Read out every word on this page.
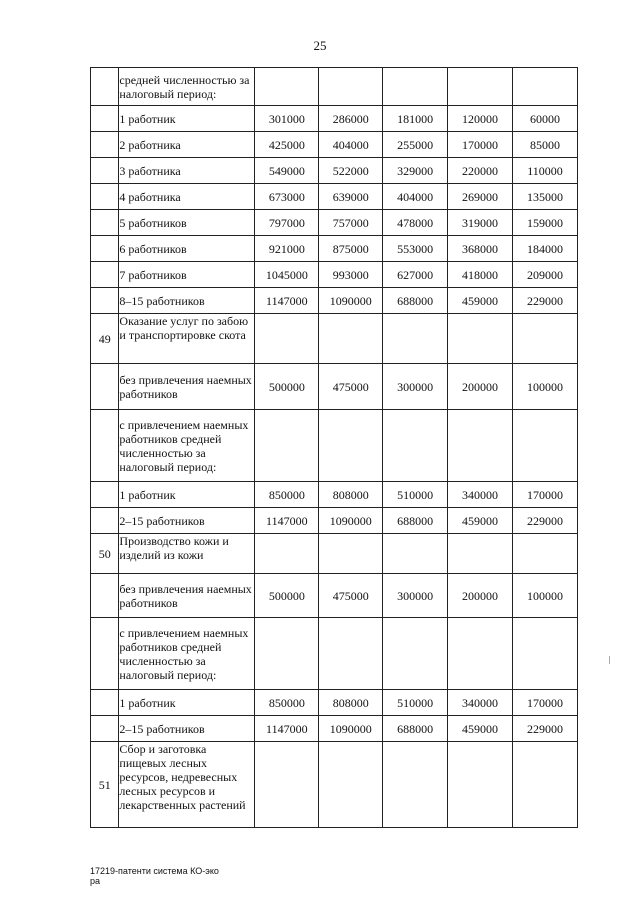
25
	средней численностью за налоговый период:					
	1 работник	301000	286000	181000	120000	60000
	2 работника	425000	404000	255000	170000	85000
	3 работника	549000	522000	329000	220000	110000
	4 работника	673000	639000	404000	269000	135000
	5 работников	797000	757000	478000	319000	159000
	6 работников	921000	875000	553000	368000	184000
	7 работников	1045000	993000	627000	418000	209000
	8–15 работников	1147000	1090000	688000	459000	229000
49	Оказание услуг по забою и транспортировке скота					
	без привлечения наемных работников	500000	475000	300000	200000	100000
	с привлечением наемных работников средней численностью за налоговый период:					
	1 работник	850000	808000	510000	340000	170000
	2–15 работников	1147000	1090000	688000	459000	229000
50	Производство кожи и изделий из кожи					
	без привлечения наемных работников	500000	475000	300000	200000	100000
	с привлечением наемных работников средней численностью за налоговый период:					
	1 работник	850000	808000	510000	340000	170000
	2–15 работников	1147000	1090000	688000	459000	229000
51	Сбор и заготовка пищевых лесных ресурсов, недревесных лесных ресурсов и лекарственных растений					
17219-патенти система КО-эко
ра
